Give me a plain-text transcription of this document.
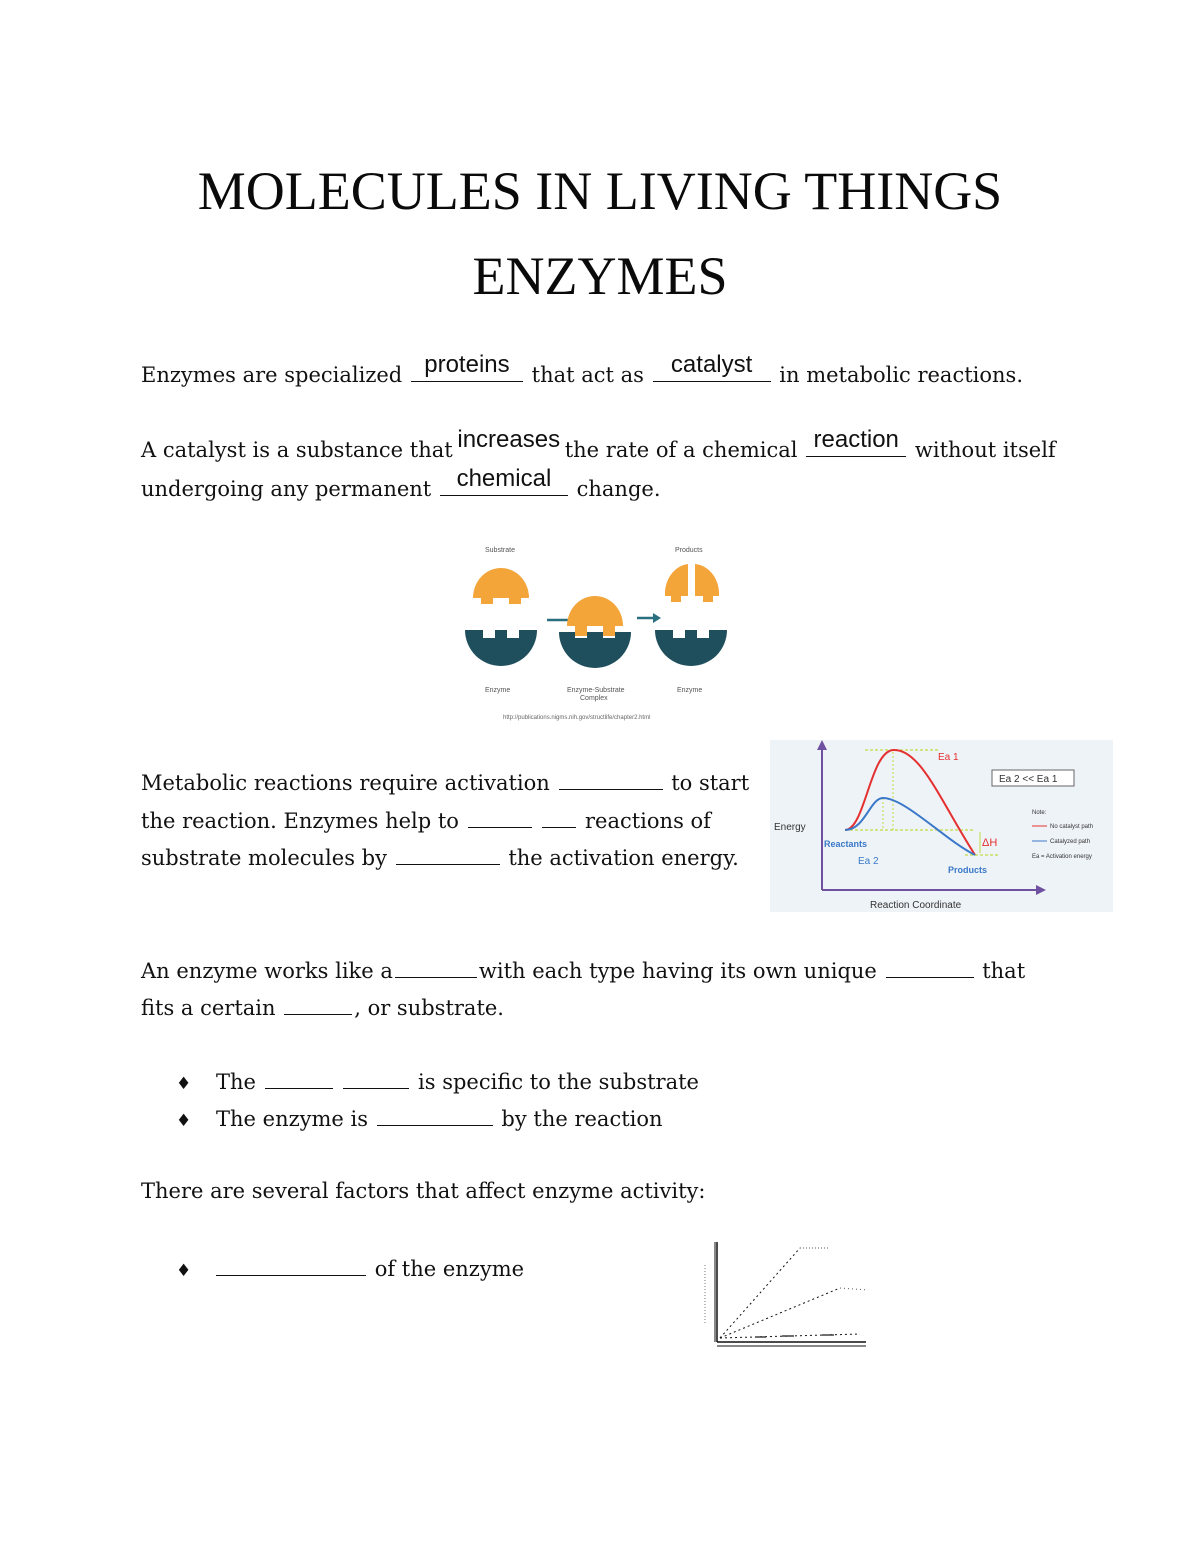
MOLECULES IN LIVING THINGS
ENZYMES
Enzymes are specialized proteins	that act as	catalyst	in metabolic reactions.
A catalyst is a substance that increases the rate of a chemical reaction without itself
undergoing any permanent	chemical	change.
Substrate	Products
Enzyme	Enzyme-Substrate
Complex
Enzyme
http://publications.nigms.nih.gov/structlife/chapter2.html
Metabolic reactions require activation	to start
the reaction. Enzymes help to	reactions of
substrate molecules by	the activation energy.
Energy
Reaction Coordinate
ΔH
Ea 1
Ea 2
Reactants
Products
Ea 2 << Ea 1
Note:
No catalyst path
Catalyzed path
Ea = Activation energy
An enzyme works like a	with each type having its own unique	that
fits a certain	, or substrate.
♦ The	is specific to the substrate
♦ The enzyme is	by the reaction
There are several factors that affect enzyme activity:
♦	of the enzyme
